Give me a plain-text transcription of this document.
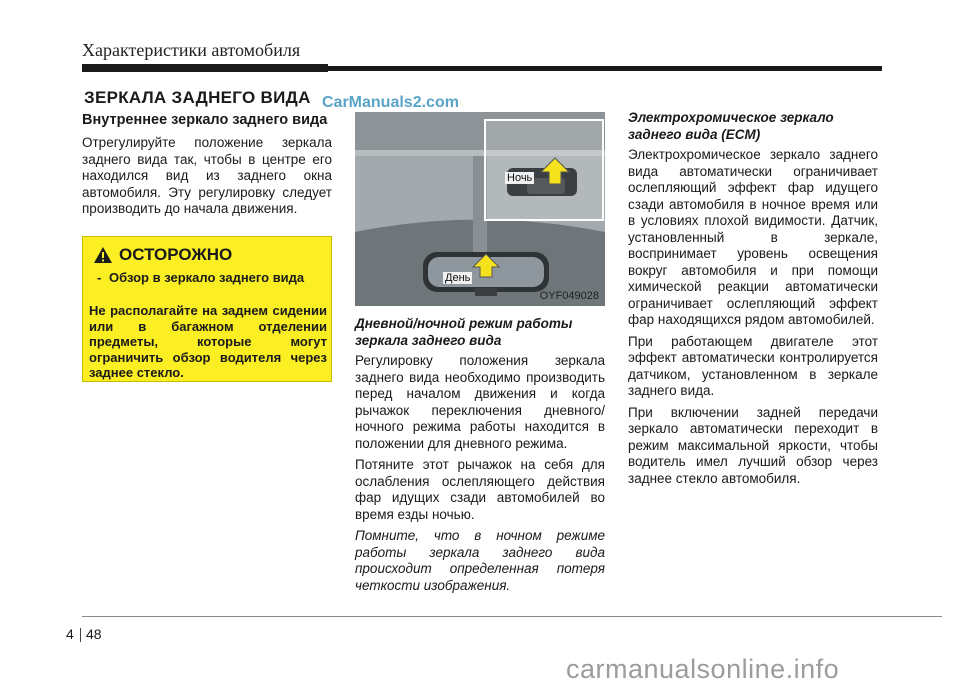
Характеристики автомобиля
ЗЕРКАЛА ЗАДНЕГО ВИДА CarManuals2.com
Внутреннее зеркало заднего вида

Отрегулируйте положение зеркала заднего вида так, чтобы в центре его находился вид из заднего окна автомобиля. Эту регулировку следует производить до начала движения.

ОСТОРОЖНО
- Обзор в зеркало заднего вида
Не располагайте на заднем сидении или в багажном отделении предметы, которые могут ограничить обзор водителя через заднее стекло.
Ночь
День
OYF049028
Дневной/ночной режим работы зеркала заднего вида

Регулировку положения зеркала заднего вида необходимо производить перед началом движения и когда рычажок переключения дневного/ночного режима работы находится в положении для дневного режима.

Потяните этот рычажок на себя для ослабления ослепляющего действия фар идущих сзади автомобилей во время езды ночью.

Помните, что в ночном режиме работы зеркала заднего вида происходит определенная потеря четкости изображения.

Электрохромическое зеркало заднего вида (ECM)

Электрохромическое зеркало заднего вида автоматически ограничивает ослепляющий эффект фар идущего сзади автомобиля в ночное время или в условиях плохой видимости. Датчик, установленный в зеркале, воспринимает уровень освещения вокруг автомобиля и при помощи химической реакции автоматически ограничивает ослепляющий эффект фар находящихся рядом автомобилей.

При работающем двигателе этот эффект автоматически контролируется датчиком, установленном в зеркале заднего вида.

При включении задней передачи зеркало автоматически переходит в режим максимальной яркости, чтобы водитель имел лучший обзор через заднее стекло автомобиля.

4 48
carmanualsonline.info
